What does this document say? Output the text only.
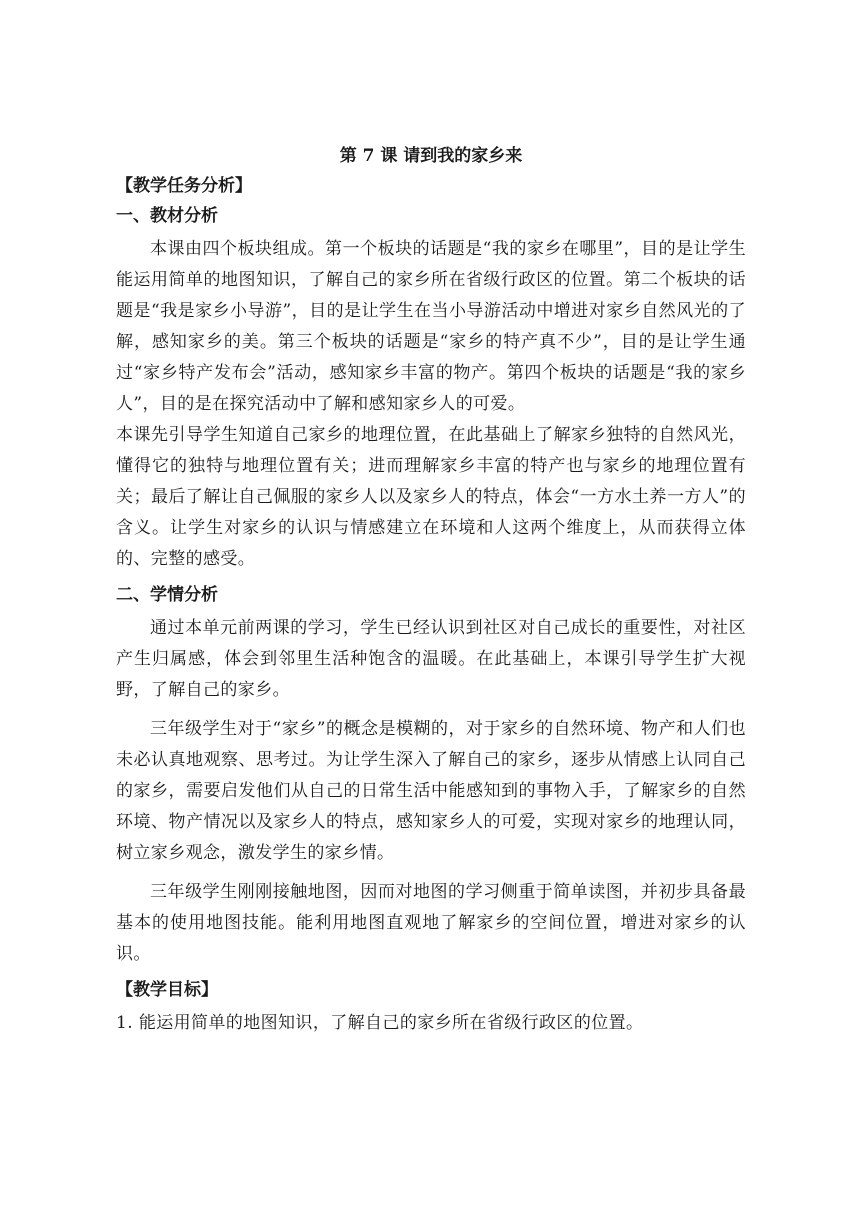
第 7 课 请到我的家乡来
【教学任务分析】
一、教材分析

本课由四个板块组成。第一个板块的话题是“我的家乡在哪里”，目的是让学生能运用简单的地图知识，了解自己的家乡所在省级行政区的位置。第二个板块的话题是“我是家乡小导游”，目的是让学生在当小导游活动中增进对家乡自然风光的了解，感知家乡的美。第三个板块的话题是“家乡的特产真不少”，目的是让学生通过“家乡特产发布会”活动，感知家乡丰富的物产。第四个板块的话题是“我的家乡人”，目的是在探究活动中了解和感知家乡人的可爱。

本课先引导学生知道自己家乡的地理位置，在此基础上了解家乡独特的自然风光，懂得它的独特与地理位置有关；进而理解家乡丰富的特产也与家乡的地理位置有关；最后了解让自己佩服的家乡人以及家乡人的特点，体会“一方水土养一方人”的含义。让学生对家乡的认识与情感建立在环境和人这两个维度上，从而获得立体的、完整的感受。

二、学情分析

通过本单元前两课的学习，学生已经认识到社区对自己成长的重要性，对社区产生归属感，体会到邻里生活种饱含的温暖。在此基础上，本课引导学生扩大视野，了解自己的家乡。

三年级学生对于“家乡”的概念是模糊的，对于家乡的自然环境、物产和人们也未必认真地观察、思考过。为让学生深入了解自己的家乡，逐步从情感上认同自己的家乡，需要启发他们从自己的日常生活中能感知到的事物入手，了解家乡的自然环境、物产情况以及家乡人的特点，感知家乡人的可爱，实现对家乡的地理认同，树立家乡观念，激发学生的家乡情。

三年级学生刚刚接触地图，因而对地图的学习侧重于简单读图，并初步具备最基本的使用地图技能。能利用地图直观地了解家乡的空间位置，增进对家乡的认识。

【教学目标】

1. 能运用简单的地图知识，了解自己的家乡所在省级行政区的位置。
